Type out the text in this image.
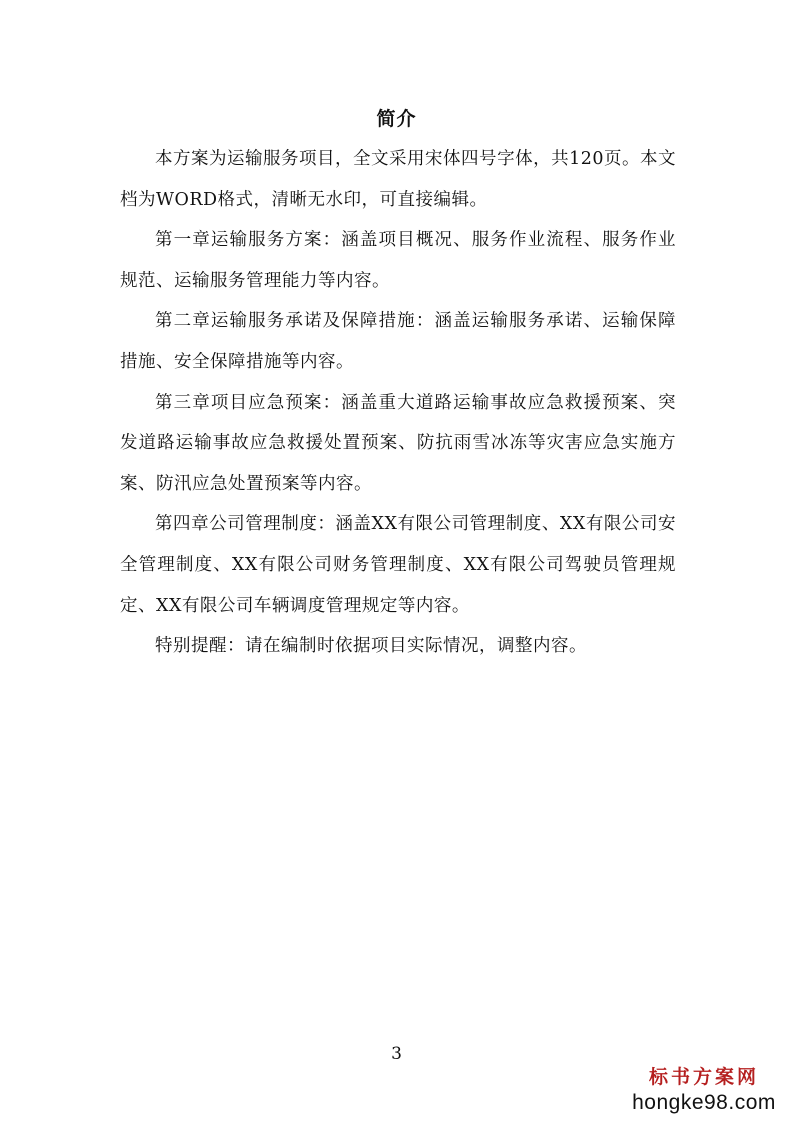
简介

本方案为运输服务项目，全文采用宋体四号字体，共120页。本文档为WORD格式，清晰无水印，可直接编辑。

第一章运输服务方案：涵盖项目概况、服务作业流程、服务作业规范、运输服务管理能力等内容。

第二章运输服务承诺及保障措施：涵盖运输服务承诺、运输保障措施、安全保障措施等内容。

第三章项目应急预案：涵盖重大道路运输事故应急救援预案、突发道路运输事故应急救援处置预案、防抗雨雪冰冻等灾害应急实施方案、防汛应急处置预案等内容。

第四章公司管理制度：涵盖XX有限公司管理制度、XX有限公司安全管理制度、XX有限公司财务管理制度、XX有限公司驾驶员管理规定、XX有限公司车辆调度管理规定等内容。

特别提醒：请在编制时依据项目实际情况，调整内容。

3
标书方案网
hongke98.com
